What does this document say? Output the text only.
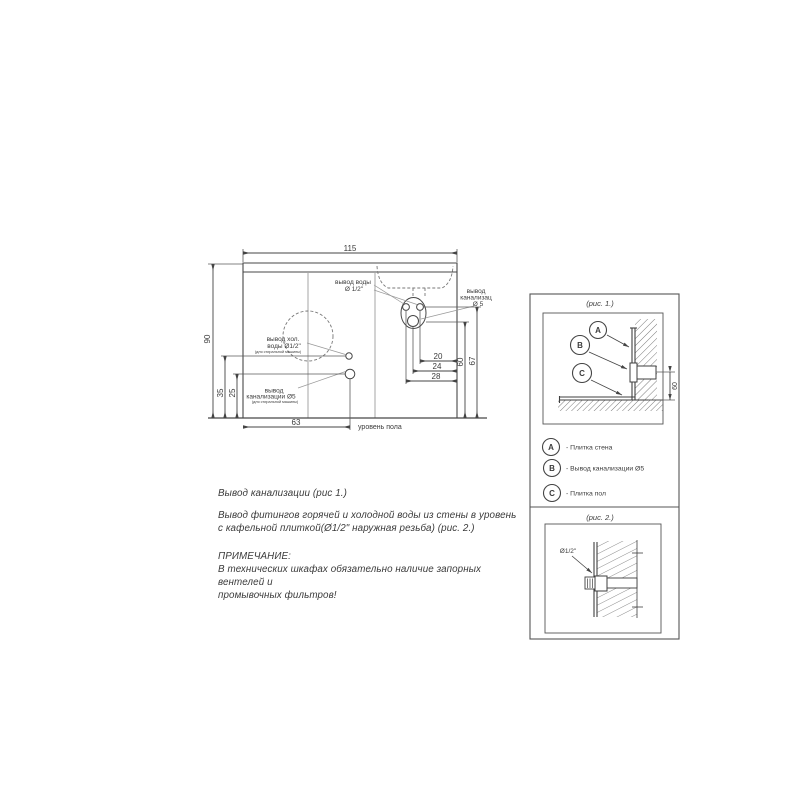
115
90
35 25
63
20
24
28
60 67
уровень пола
вывод воды
Ø 1/2"	вывод
канализац
Ø 5
вывод хол.
воды Ø1/2"
(для стиральной машины)
вывод
канализации Ø5
(для стиральной машины)
(рис. 1.)
A
B
C
60
A
B
C
- Плитка стена
- Вывод канализации Ø5
- Плитка пол
(рис. 2.)
Ø1/2"
Вывод канализации (рис 1.)
Вывод фитингов горячей и холодной воды из стены в уровень
с кафельной плиткой(Ø1/2" наружная резьба) (рис. 2.)
ПРИМЕЧАНИЕ:
В технических шкафах обязательно наличие запорных вентелей и
промывочных фильтров!
